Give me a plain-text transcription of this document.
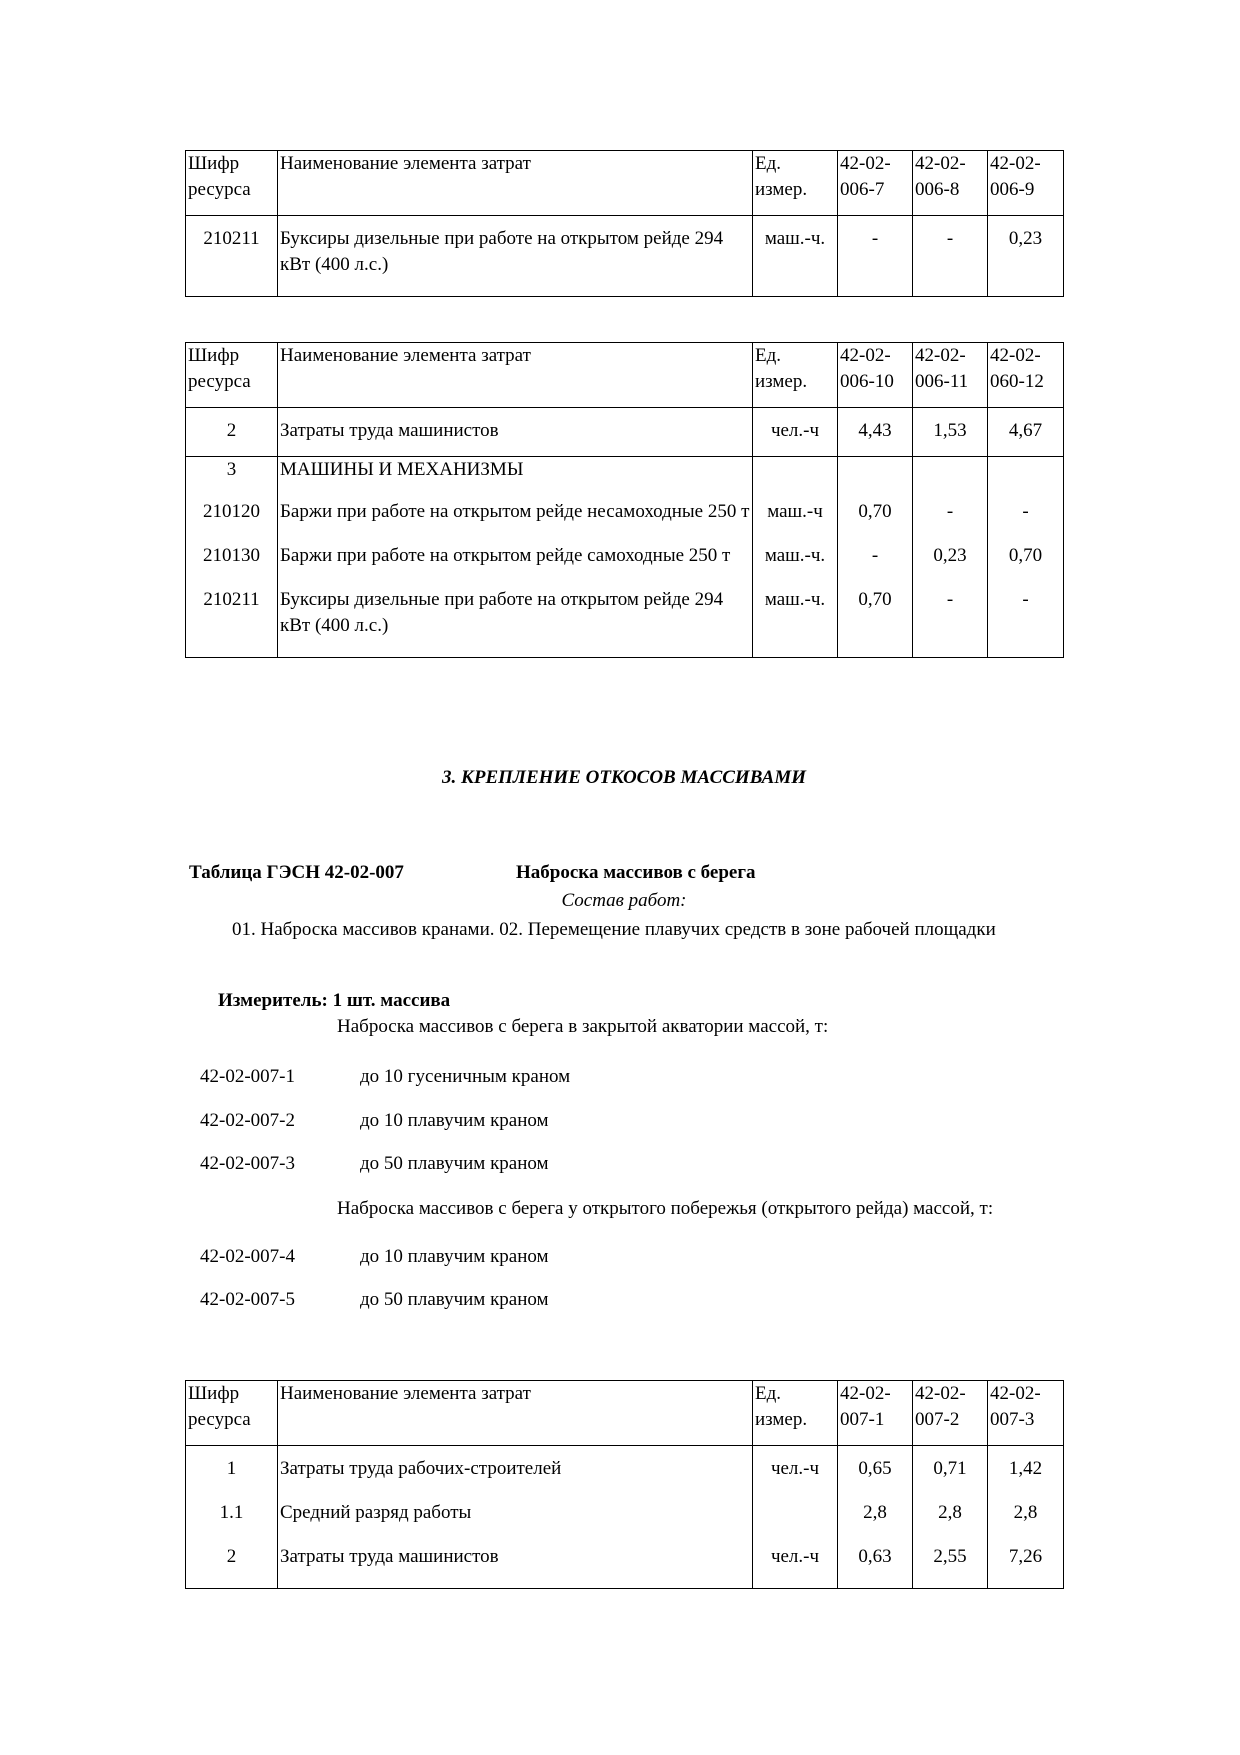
Шифр ресурса	Наименование элемента затрат	Ед. измер.	42-02-006-7	42-02-006-8	42-02-006-9
210211	Буксиры дизельные при работе на открытом рейде 294 кВт (400 л.с.)	маш.-ч.	-	-	0,23
Шифр ресурса	Наименование элемента затрат	Ед. измер.	42-02-006-10	42-02-006-11	42-02-060-12
2	Затраты труда машинистов	чел.-ч	4,43	1,53	4,67
3	МАШИНЫ И МЕХАНИЗМЫ				
210120	Баржи при работе на открытом рейде несамоходные 250 т	маш.-ч	0,70	-	-
210130	Баржи при работе на открытом рейде самоходные 250 т	маш.-ч.	-	0,23	0,70
210211	Буксиры дизельные при работе на открытом рейде 294 кВт (400 л.с.)	маш.-ч.	0,70	-	-
3. КРЕПЛЕНИЕ ОТКОСОВ МАССИВАМИ
Таблица ГЭСН 42-02-007	Наброска массивов с берега
Состав работ:
01. Наброска массивов кранами. 02. Перемещение плавучих средств в зоне рабочей площадки
Измеритель: 1 шт. массива
Наброска массивов с берега в закрытой акватории массой, т:
42-02-007-1	до 10 гусеничным краном
42-02-007-2	до 10 плавучим краном
42-02-007-3	до 50 плавучим краном
Наброска массивов с берега у открытого побережья (открытого рейда) массой, т:
42-02-007-4	до 10 плавучим краном
42-02-007-5	до 50 плавучим краном
Шифр ресурса	Наименование элемента затрат	Ед. измер.	42-02-007-1	42-02-007-2	42-02-007-3
1	Затраты труда рабочих-строителей	чел.-ч	0,65	0,71	1,42
1.1	Средний разряд работы		2,8	2,8	2,8
2	Затраты труда машинистов	чел.-ч	0,63	2,55	7,26
